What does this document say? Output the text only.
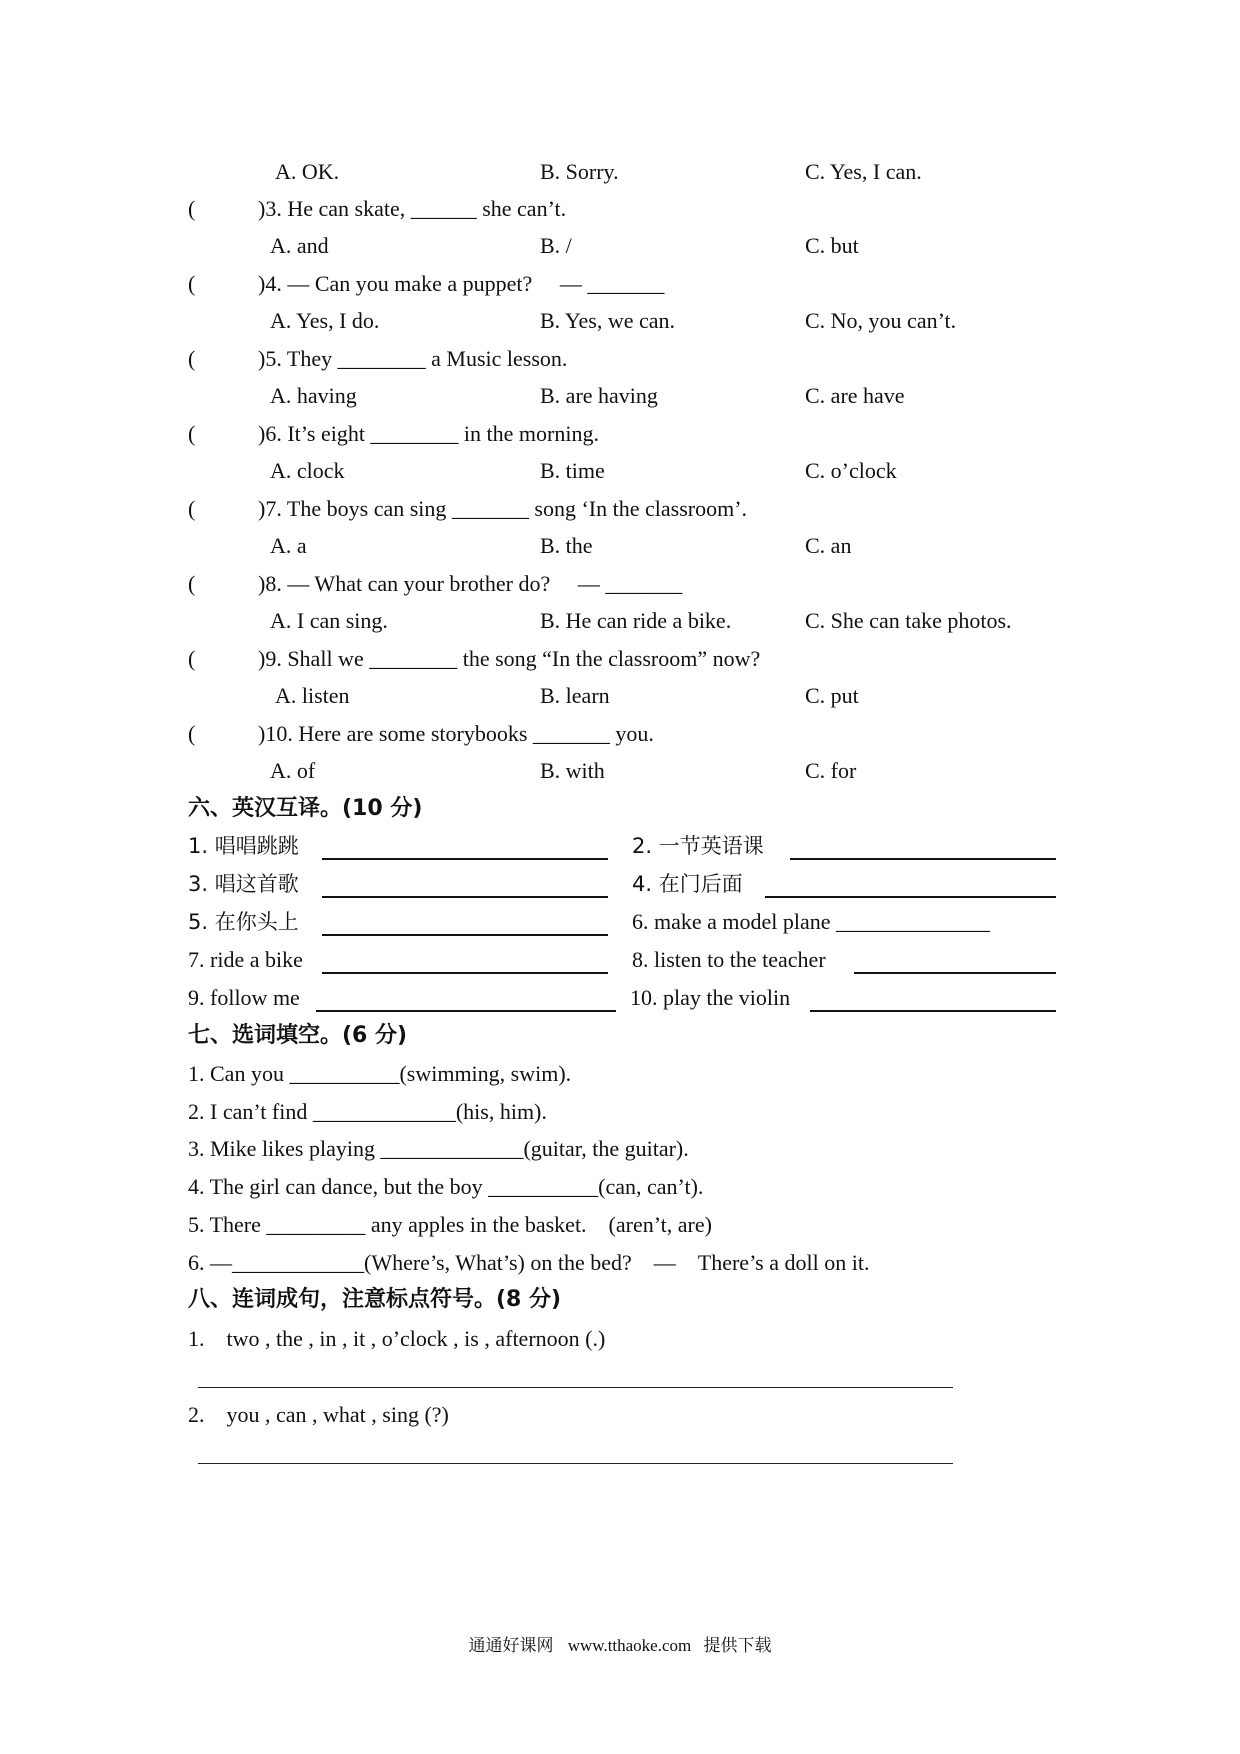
A. OK.	B. Sorry.	C. Yes, I can.
(	)3. He can skate, ______ she can’t.
A. and	B. /	C. but
(	)4. — Can you make a puppet?　 — _______
A. Yes, I do.	B. Yes, we can.	C. No, you can’t.
(	)5. They ________ a Music lesson.
A. having	B. are having	C. are have
(	)6. It’s eight ________ in the morning.
A. clock	B. time	C. o’clock
(	)7. The boys can sing _______ song ‘In the classroom’.
A. a	B. the	C. an
(	)8. — What can your brother do?　 — _______
A. I can sing.	B. He can ride a bike.	C. She can take photos.
(	)9. Shall we ________ the song “In the classroom” now?
A. listen	B. learn	C. put
(	)10. Here are some storybooks _______ you.
A. of	B. with	C. for
六、英汉互译。(10 分)
1. 唱唱跳跳	2. 一节英语课
3. 唱这首歌	4. 在门后面
5. 在你头上	6. make a model plane ______________
7. ride a bike	8. listen to the teacher
9. follow me	10. play the violin
七、选词填空。(6 分)
1. Can you __________(swimming, swim).
2. I can’t find _____________(his, him).
3. Mike likes playing _____________(guitar, the guitar).
4. The girl can dance, but the boy __________(can, can’t).
5. There _________ any apples in the basket.　(aren’t, are)
6. —____________(Where’s, What’s) on the bed?　—　There’s a doll on it.
八、连词成句，注意标点符号。(8 分)
1.　two , the , in , it , o’clock , is , afternoon (.)
2.　you , can , what , sing (?)
通通好课网 www.tthaoke.com 提供下载
